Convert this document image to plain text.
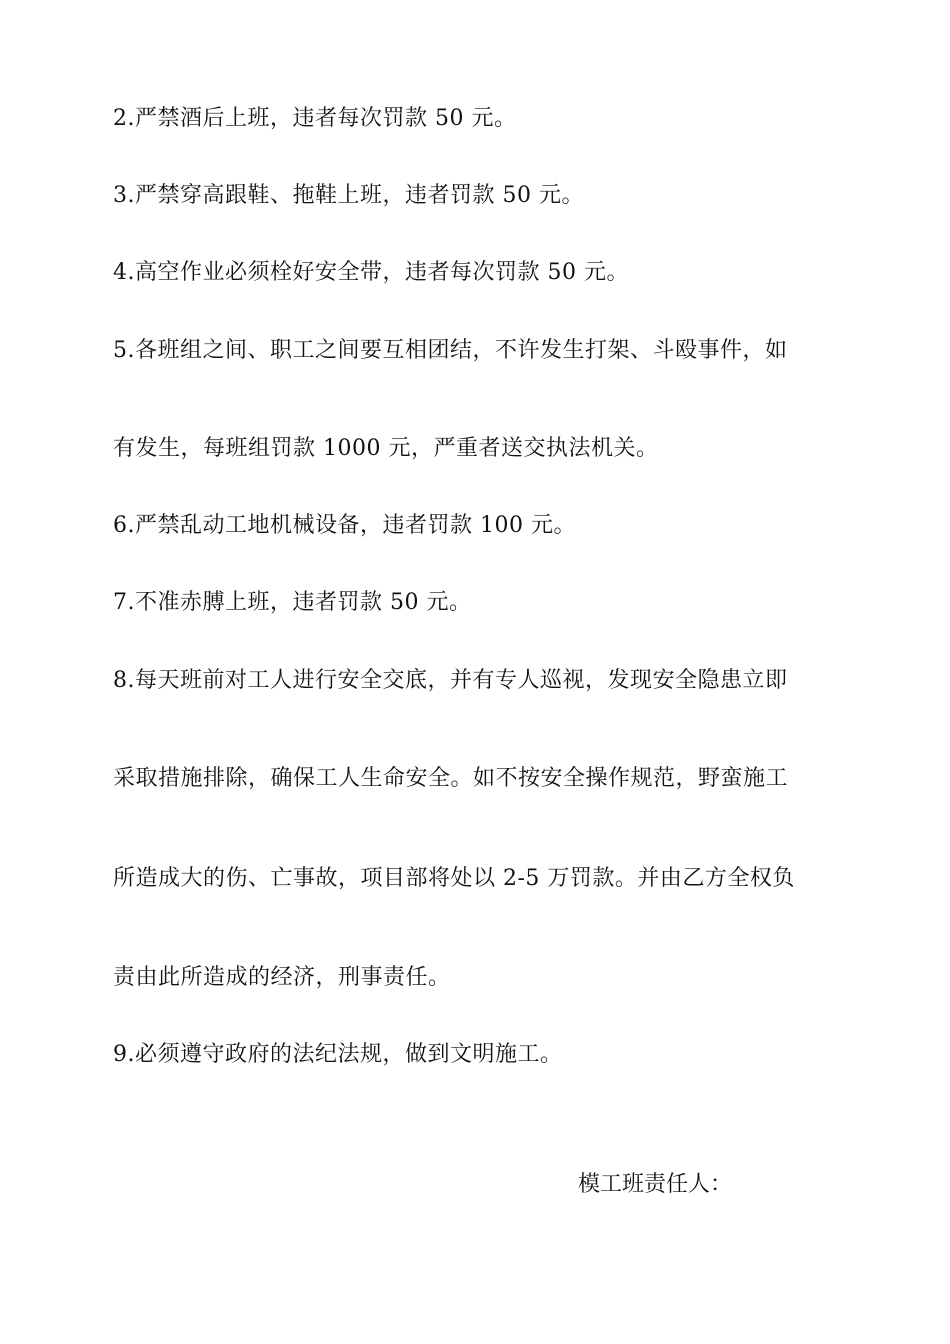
2.严禁酒后上班，违者每次罚款 50 元。
3.严禁穿高跟鞋、拖鞋上班，违者罚款 50 元。
4.高空作业必须栓好安全带，违者每次罚款 50 元。
5.各班组之间、职工之间要互相团结，不许发生打架、斗殴事件，如
有发生，每班组罚款 1000 元，严重者送交执法机关。
6.严禁乱动工地机械设备，违者罚款 100 元。
7.不准赤膊上班，违者罚款 50 元。
8.每天班前对工人进行安全交底，并有专人巡视，发现安全隐患立即
采取措施排除，确保工人生命安全。如不按安全操作规范，野蛮施工
所造成大的伤、亡事故，项目部将处以 2-5 万罚款。并由乙方全权负
责由此所造成的经济，刑事责任。
9.必须遵守政府的法纪法规，做到文明施工。
模工班责任人：
